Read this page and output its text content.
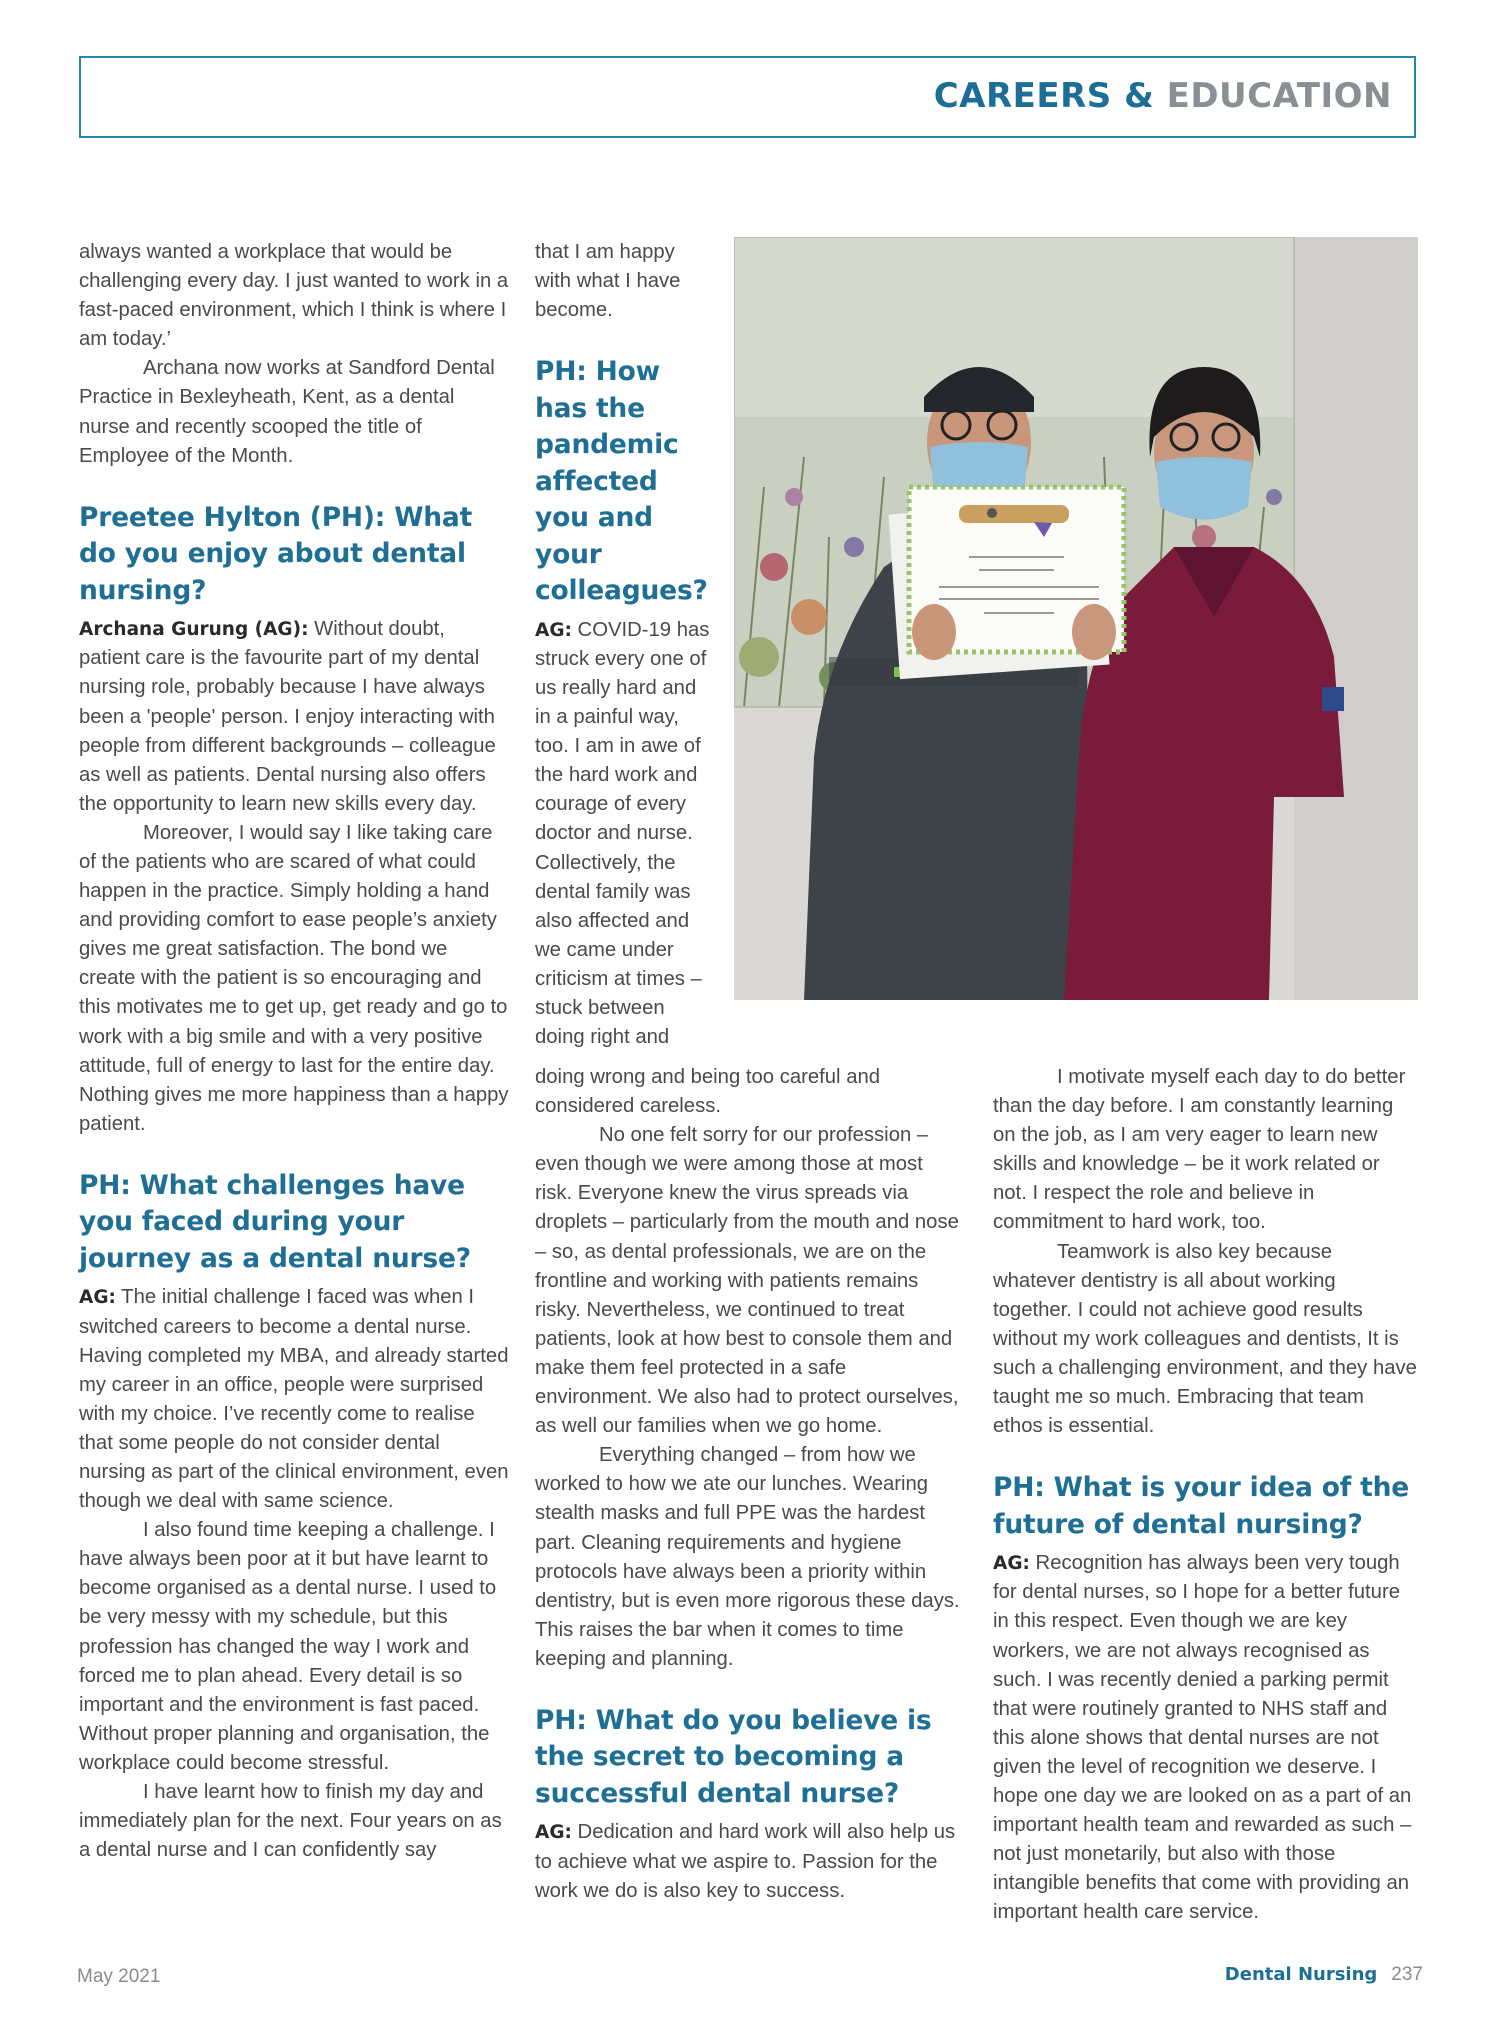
CAREERS & EDUCATION

always wanted a workplace that would be challenging every day. I just wanted to work in a fast-paced environment, which I think is where I am today.’

Archana now works at Sandford Dental Practice in Bexleyheath, Kent, as a dental nurse and recently scooped the title of Employee of the Month.

Preetee Hylton (PH): What do you enjoy about dental nursing?

Archana Gurung (AG): Without doubt, patient care is the favourite part of my dental nursing role, probably because I have always been a 'people' person. I enjoy interacting with people from different backgrounds – colleague as well as patients. Dental nursing also offers the opportunity to learn new skills every day.

Moreover, I would say I like taking care of the patients who are scared of what could happen in the practice. Simply holding a hand and providing comfort to ease people’s anxiety gives me great satisfaction. The bond we create with the patient is so encouraging and this motivates me to get up, get ready and go to work with a big smile and with a very positive attitude, full of energy to last for the entire day. Nothing gives me more happiness than a happy patient.

PH: What challenges have you faced during your journey as a dental nurse?

AG: The initial challenge I faced was when I switched careers to become a dental nurse. Having completed my MBA, and already started my career in an office, people were surprised with my choice. I’ve recently come to realise that some people do not consider dental nursing as part of the clinical environment, even though we deal with same science.

I also found time keeping a challenge. I have always been poor at it but have learnt to become organised as a dental nurse. I used to be very messy with my schedule, but this profession has changed the way I work and forced me to plan ahead. Every detail is so important and the environment is fast paced. Without proper planning and organisation, the workplace could become stressful.

I have learnt how to finish my day and immediately plan for the next. Four years on as a dental nurse and I can confidently say

that I am happy with what I have become.

PH: How has the pandemic affected you and your colleagues?

AG: COVID-19 has struck every one of us really hard and in a painful way, too. I am in awe of the hard work and courage of every doctor and nurse. Collectively, the dental family was also affected and we came under criticism at times – stuck between doing right and

doing wrong and being too careful and considered careless.

No one felt sorry for our profession – even though we were among those at most risk. Everyone knew the virus spreads via droplets – particularly from the mouth and nose – so, as dental professionals, we are on the frontline and working with patients remains risky. Nevertheless, we continued to treat patients, look at how best to console them and make them feel protected in a safe environment. We also had to protect ourselves, as well our families when we go home.

Everything changed – from how we worked to how we ate our lunches. Wearing stealth masks and full PPE was the hardest part. Cleaning requirements and hygiene protocols have always been a priority within dentistry, but is even more rigorous these days. This raises the bar when it comes to time keeping and planning.

PH: What do you believe is the secret to becoming a successful dental nurse?

AG: Dedication and hard work will also help us to achieve what we aspire to. Passion for the work we do is also key to success.

I motivate myself each day to do better than the day before. I am constantly learning on the job, as I am very eager to learn new skills and knowledge – be it work related or not. I respect the role and believe in commitment to hard work, too.

Teamwork is also key because whatever dentistry is all about working together. I could not achieve good results without my work colleagues and dentists, It is such a challenging environment, and they have taught me so much. Embracing that team ethos is essential.

PH: What is your idea of the future of dental nursing?

AG: Recognition has always been very tough for dental nurses, so I hope for a better future in this respect. Even though we are key workers, we are not always recognised as such. I was recently denied a parking permit that were routinely granted to NHS staff and this alone shows that dental nurses are not given the level of recognition we deserve. I hope one day we are looked on as a part of an important health team and rewarded as such – not just monetarily, but also with those intangible benefits that come with providing an important health care service.

May 2021	Dental Nursing 237
